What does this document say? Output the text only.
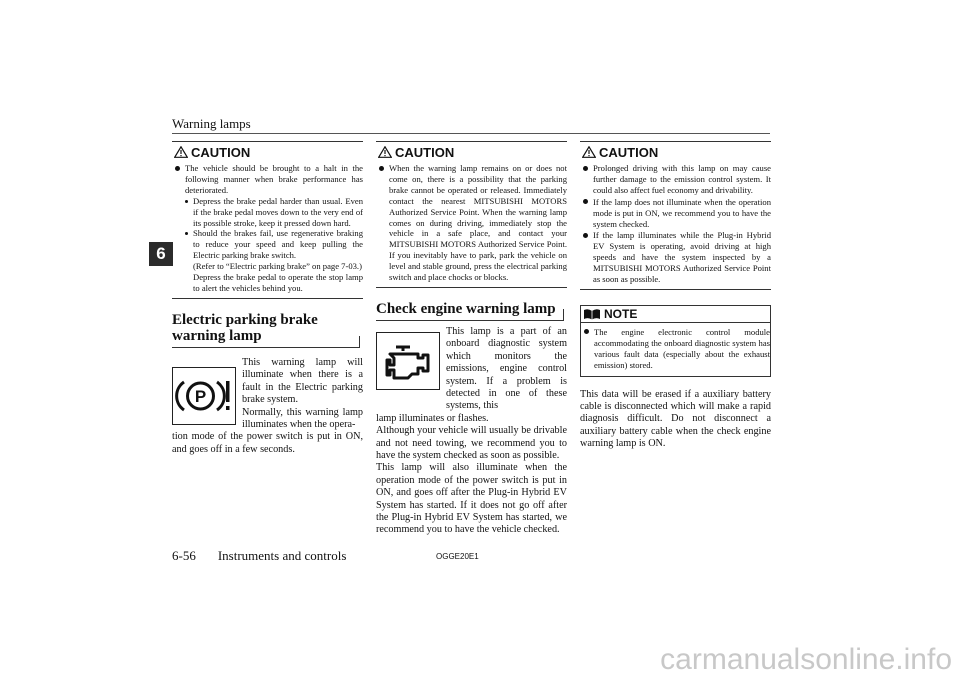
Warning lamps
6
CAUTION
The vehicle should be brought to a halt in the following manner when brake performance has deteriorated.
Depress the brake pedal harder than usual. Even if the brake pedal moves down to the very end of its possible stroke, keep it pressed down hard.
Should the brakes fail, use regenerative braking to reduce your speed and keep pulling the Electric parking brake switch.
(Refer to “Electric parking brake” on page 7-03.)
Depress the brake pedal to operate the stop lamp to alert the vehicles behind you.
Electric parking brake warning lamp
P
This warning lamp will illuminate when there is a fault in the Electric parking brake system.
Normally, this warning lamp illuminates when the opera-
tion mode of the power switch is put in ON, and goes off in a few seconds.
CAUTION
When the warning lamp remains on or does not come on, there is a possibility that the parking brake cannot be operated or released. Immediately contact the nearest MITSUBISHI MOTORS Authorized Service Point. When the warning lamp comes on during driving, immediately stop the vehicle in a safe place, and contact your MITSUBISHI MOTORS Authorized Service Point. If you inevitably have to park, park the vehicle on level and stable ground, press the electrical parking switch and place chocks or blocks.
Check engine warning lamp
This lamp is a part of an onboard diagnostic system which monitors the emissions, engine control system. If a problem is detected in one of these systems, this
lamp illuminates or flashes.
Although your vehicle will usually be drivable and not need towing, we recommend you to have the system checked as soon as possible.
This lamp will also illuminate when the operation mode of the power switch is put in ON, and goes off after the Plug-in Hybrid EV System has started. If it does not go off after the Plug-in Hybrid EV System has started, we recommend you to have the vehicle checked.
CAUTION
Prolonged driving with this lamp on may cause further damage to the emission control system. It could also affect fuel economy and drivability.
If the lamp does not illuminate when the operation mode is put in ON, we recommend you to have the system checked.
If the lamp illuminates while the Plug-in Hybrid EV System is operating, avoid driving at high speeds and have the system inspected by a MITSUBISHI MOTORS Authorized Service Point as soon as possible.
NOTE
The engine electronic control module accommodating the onboard diagnostic system has various fault data (especially about the exhaust emission) stored.
This data will be erased if a auxiliary battery cable is disconnected which will make a rapid diagnosis difficult. Do not disconnect a auxiliary battery cable when the check engine warning lamp is ON.
6-56 Instruments and controls	OGGE20E1
carmanualsonline.info
